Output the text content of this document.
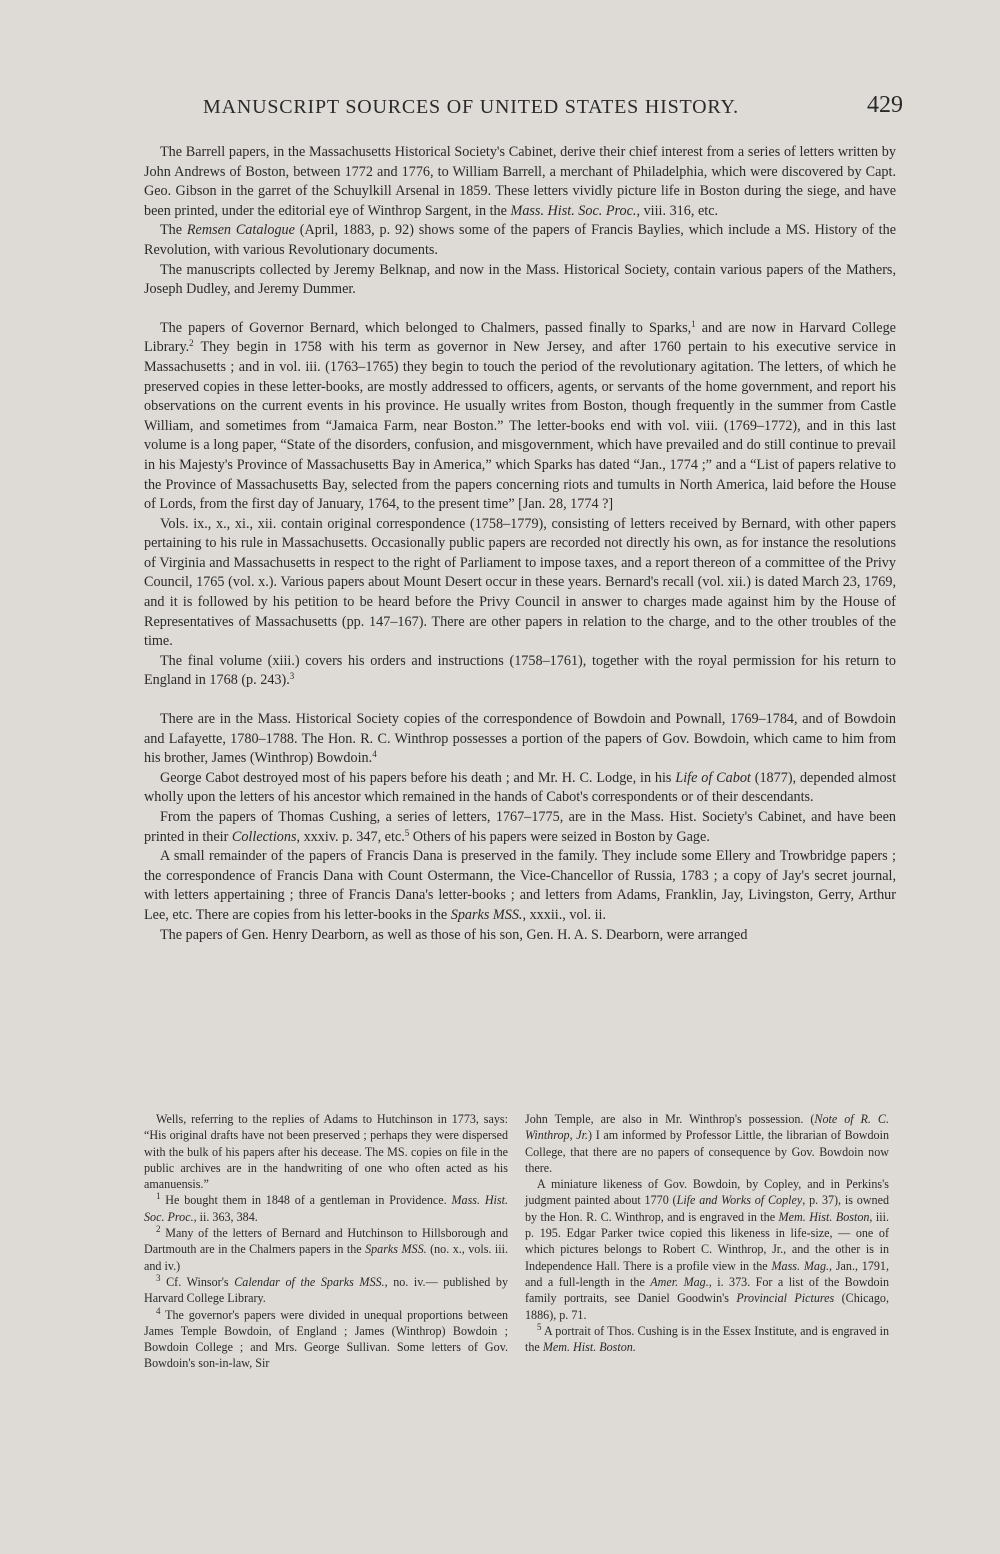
MANUSCRIPT SOURCES OF UNITED STATES HISTORY.	429

The Barrell papers, in the Massachusetts Historical Society's Cabinet, derive their chief interest from a series of letters written by John Andrews of Boston, between 1772 and 1776, to William Barrell, a merchant of Philadelphia, which were discovered by Capt. Geo. Gibson in the garret of the Schuylkill Arsenal in 1859. These letters vividly picture life in Boston during the siege, and have been printed, under the editorial eye of Winthrop Sargent, in the Mass. Hist. Soc. Proc., viii. 316, etc.

The Remsen Catalogue (April, 1883, p. 92) shows some of the papers of Francis Baylies, which include a MS. History of the Revolution, with various Revolutionary documents.

The manuscripts collected by Jeremy Belknap, and now in the Mass. Historical Society, contain various papers of the Mathers, Joseph Dudley, and Jeremy Dummer.

The papers of Governor Bernard, which belonged to Chalmers, passed finally to Sparks,$^1$ and are now in Harvard College Library.$^2$ They begin in 1758 with his term as governor in New Jersey, and after 1760 pertain to his executive service in Massachusetts ; and in vol. iii. (1763–1765) they begin to touch the period of the revolutionary agitation. The letters, of which he preserved copies in these letter-books, are mostly addressed to officers, agents, or servants of the home government, and report his observations on the current events in his province. He usually writes from Boston, though frequently in the summer from Castle William, and sometimes from “Jamaica Farm, near Boston.” The letter-books end with vol. viii. (1769–1772), and in this last volume is a long paper, “State of the disorders, confusion, and misgovernment, which have prevailed and do still continue to prevail in his Majesty's Province of Massachusetts Bay in America,” which Sparks has dated “Jan., 1774 ;” and a “List of papers relative to the Province of Massachusetts Bay, selected from the papers concerning riots and tumults in North America, laid before the House of Lords, from the first day of January, 1764, to the present time” [Jan. 28, 1774 ?]

Vols. ix., x., xi., xii. contain original correspondence (1758–1779), consisting of letters received by Bernard, with other papers pertaining to his rule in Massachusetts. Occasionally public papers are recorded not directly his own, as for instance the resolutions of Virginia and Massachusetts in respect to the right of Parliament to impose taxes, and a report thereon of a committee of the Privy Council, 1765 (vol. x.). Various papers about Mount Desert occur in these years. Bernard's recall (vol. xii.) is dated March 23, 1769, and it is followed by his petition to be heard before the Privy Council in answer to charges made against him by the House of Representatives of Massachusetts (pp. 147–167). There are other papers in relation to the charge, and to the other troubles of the time.

The final volume (xiii.) covers his orders and instructions (1758–1761), together with the royal permission for his return to England in 1768 (p. 243).$^3$

There are in the Mass. Historical Society copies of the correspondence of Bowdoin and Pownall, 1769–1784, and of Bowdoin and Lafayette, 1780–1788. The Hon. R. C. Winthrop possesses a portion of the papers of Gov. Bowdoin, which came to him from his brother, James (Winthrop) Bowdoin.$^4$

George Cabot destroyed most of his papers before his death ; and Mr. H. C. Lodge, in his Life of Cabot (1877), depended almost wholly upon the letters of his ancestor which remained in the hands of Cabot's correspondents or of their descendants.

From the papers of Thomas Cushing, a series of letters, 1767–1775, are in the Mass. Hist. Society's Cabinet, and have been printed in their Collections, xxxiv. p. 347, etc.$^5$ Others of his papers were seized in Boston by Gage.

A small remainder of the papers of Francis Dana is preserved in the family. They include some Ellery and Trowbridge papers ; the correspondence of Francis Dana with Count Ostermann, the Vice-Chancellor of Russia, 1783 ; a copy of Jay's secret journal, with letters appertaining ; three of Francis Dana's letter-books ; and letters from Adams, Franklin, Jay, Livingston, Gerry, Arthur Lee, etc. There are copies from his letter-books in the Sparks MSS., xxxii., vol. ii.

The papers of Gen. Henry Dearborn, as well as those of his son, Gen. H. A. S. Dearborn, were arranged

Wells, referring to the replies of Adams to Hutchinson in 1773, says: “His original drafts have not been preserved ; perhaps they were dispersed with the bulk of his papers after his decease. The MS. copies on file in the public archives are in the handwriting of one who often acted as his amanuensis.”

$^1$ He bought them in 1848 of a gentleman in Providence. Mass. Hist. Soc. Proc., ii. 363, 384.

$^2$ Many of the letters of Bernard and Hutchinson to Hillsborough and Dartmouth are in the Chalmers papers in the Sparks MSS. (no. x., vols. iii. and iv.)

$^3$ Cf. Winsor's Calendar of the Sparks MSS., no. iv.— published by Harvard College Library.

$^4$ The governor's papers were divided in unequal proportions between James Temple Bowdoin, of England ; James (Winthrop) Bowdoin ; Bowdoin College ; and Mrs. George Sullivan. Some letters of Gov. Bowdoin's son-in-law, Sir

John Temple, are also in Mr. Winthrop's possession. (Note of R. C. Winthrop, Jr.) I am informed by Professor Little, the librarian of Bowdoin College, that there are no papers of consequence by Gov. Bowdoin now there.

A miniature likeness of Gov. Bowdoin, by Copley, and in Perkins's judgment painted about 1770 (Life and Works of Copley, p. 37), is owned by the Hon. R. C. Winthrop, and is engraved in the Mem. Hist. Boston, iii. p. 195. Edgar Parker twice copied this likeness in life-size, — one of which pictures belongs to Robert C. Winthrop, Jr., and the other is in Independence Hall. There is a profile view in the Mass. Mag., Jan., 1791, and a full-length in the Amer. Mag., i. 373. For a list of the Bowdoin family portraits, see Daniel Goodwin's Provincial Pictures (Chicago, 1886), p. 71.

$^5$ A portrait of Thos. Cushing is in the Essex Institute, and is engraved in the Mem. Hist. Boston.
